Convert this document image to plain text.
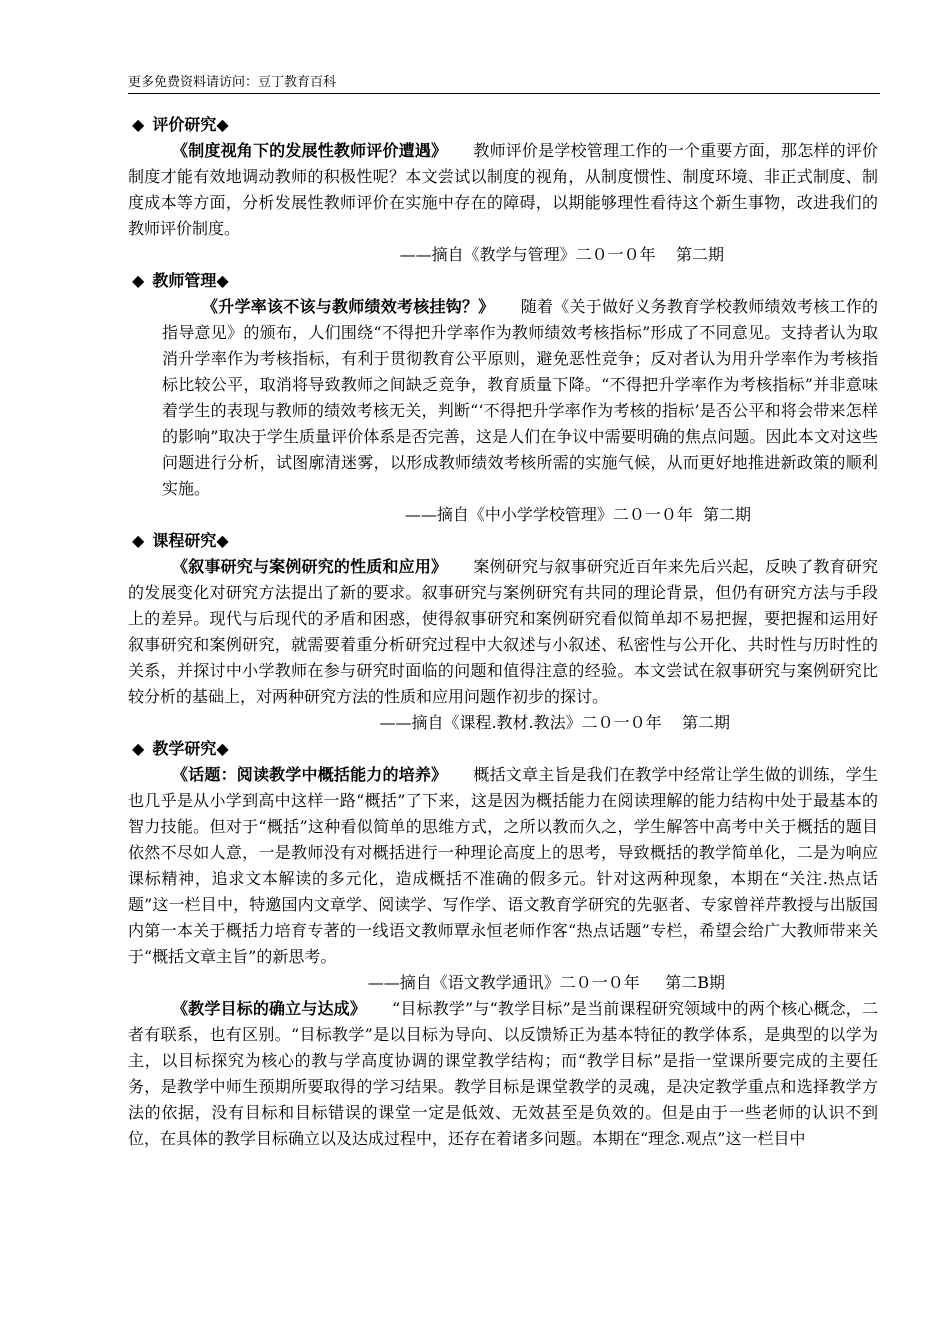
更多免费资料请访问：豆丁教育百科
◆ 评价研究◆

《制度视角下的发展性教师评价遭遇》 教师评价是学校管理工作的一个重要方面，那怎样的评价制度才能有效地调动教师的积极性呢？本文尝试以制度的视角，从制度惯性、制度环境、非正式制度、制度成本等方面，分析发展性教师评价在实施中存在的障碍，以期能够理性看待这个新生事物，改进我们的教师评价制度。

——摘自《教学与管理》二０一０年    第二期
◆ 教师管理◆

《升学率该不该与教师绩效考核挂钩？》 随着《关于做好义务教育学校教师绩效考核工作的指导意见》的颁布，人们围绕“不得把升学率作为教师绩效考核指标”形成了不同意见。支持者认为取消升学率作为考核指标，有利于贯彻教育公平原则，避免恶性竞争；反对者认为用升学率作为考核指标比较公平，取消将导致教师之间缺乏竞争，教育质量下降。“不得把升学率作为考核指标”并非意味着学生的表现与教师的绩效考核无关，判断“‘不得把升学率作为考核的指标’是否公平和将会带来怎样的影响”取决于学生质量评价体系是否完善，这是人们在争议中需要明确的焦点问题。因此本文对这些问题进行分析，试图廓清迷雾，以形成教师绩效考核所需的实施气候，从而更好地推进新政策的顺利实施。

——摘自《中小学学校管理》二０一０年  第二期
◆ 课程研究◆

《叙事研究与案例研究的性质和应用》 案例研究与叙事研究近百年来先后兴起，反映了教育研究的发展变化对研究方法提出了新的要求。叙事研究与案例研究有共同的理论背景，但仍有研究方法与手段上的差异。现代与后现代的矛盾和困惑，使得叙事研究和案例研究看似简单却不易把握，要把握和运用好叙事研究和案例研究，就需要着重分析研究过程中大叙述与小叙述、私密性与公开化、共时性与历时性的关系，并探讨中小学教师在参与研究时面临的问题和值得注意的经验。本文尝试在叙事研究与案例研究比较分析的基础上，对两种研究方法的性质和应用问题作初步的探讨。

——摘自《课程.教材.教法》二０一０年    第二期
◆ 教学研究◆

《话题：阅读教学中概括能力的培养》 概括文章主旨是我们在教学中经常让学生做的训练，学生也几乎是从小学到高中这样一路“概括”了下来，这是因为概括能力在阅读理解的能力结构中处于最基本的智力技能。但对于“概括”这种看似简单的思维方式，之所以教而久之，学生解答中高考中关于概括的题目依然不尽如人意，一是教师没有对概括进行一种理论高度上的思考，导致概括的教学简单化，二是为响应课标精神，追求文本解读的多元化，造成概括不准确的假多元。针对这两种现象，本期在“关注.热点话题”这一栏目中，特邀国内文章学、阅读学、写作学、语文教育学研究的先驱者、专家曾祥芹教授与出版国内第一本关于概括力培育专著的一线语文教师覃永恒老师作客“热点话题”专栏，希望会给广大教师带来关于“概括文章主旨”的新思考。

——摘自《语文教学通讯》二０一０年     第二B期

《教学目标的确立与达成》 “目标教学”与“教学目标”是当前课程研究领域中的两个核心概念，二者有联系，也有区别。“目标教学”是以目标为导向、以反馈矫正为基本特征的教学体系，是典型的以学为主，以目标探究为核心的教与学高度协调的课堂教学结构；而“教学目标”是指一堂课所要完成的主要任务，是教学中师生预期所要取得的学习结果。教学目标是课堂教学的灵魂，是决定教学重点和选择教学方法的依据，没有目标和目标错误的课堂一定是低效、无效甚至是负效的。但是由于一些老师的认识不到位，在具体的教学目标确立以及达成过程中，还存在着诸多问题。本期在“理念.观点”这一栏目中
